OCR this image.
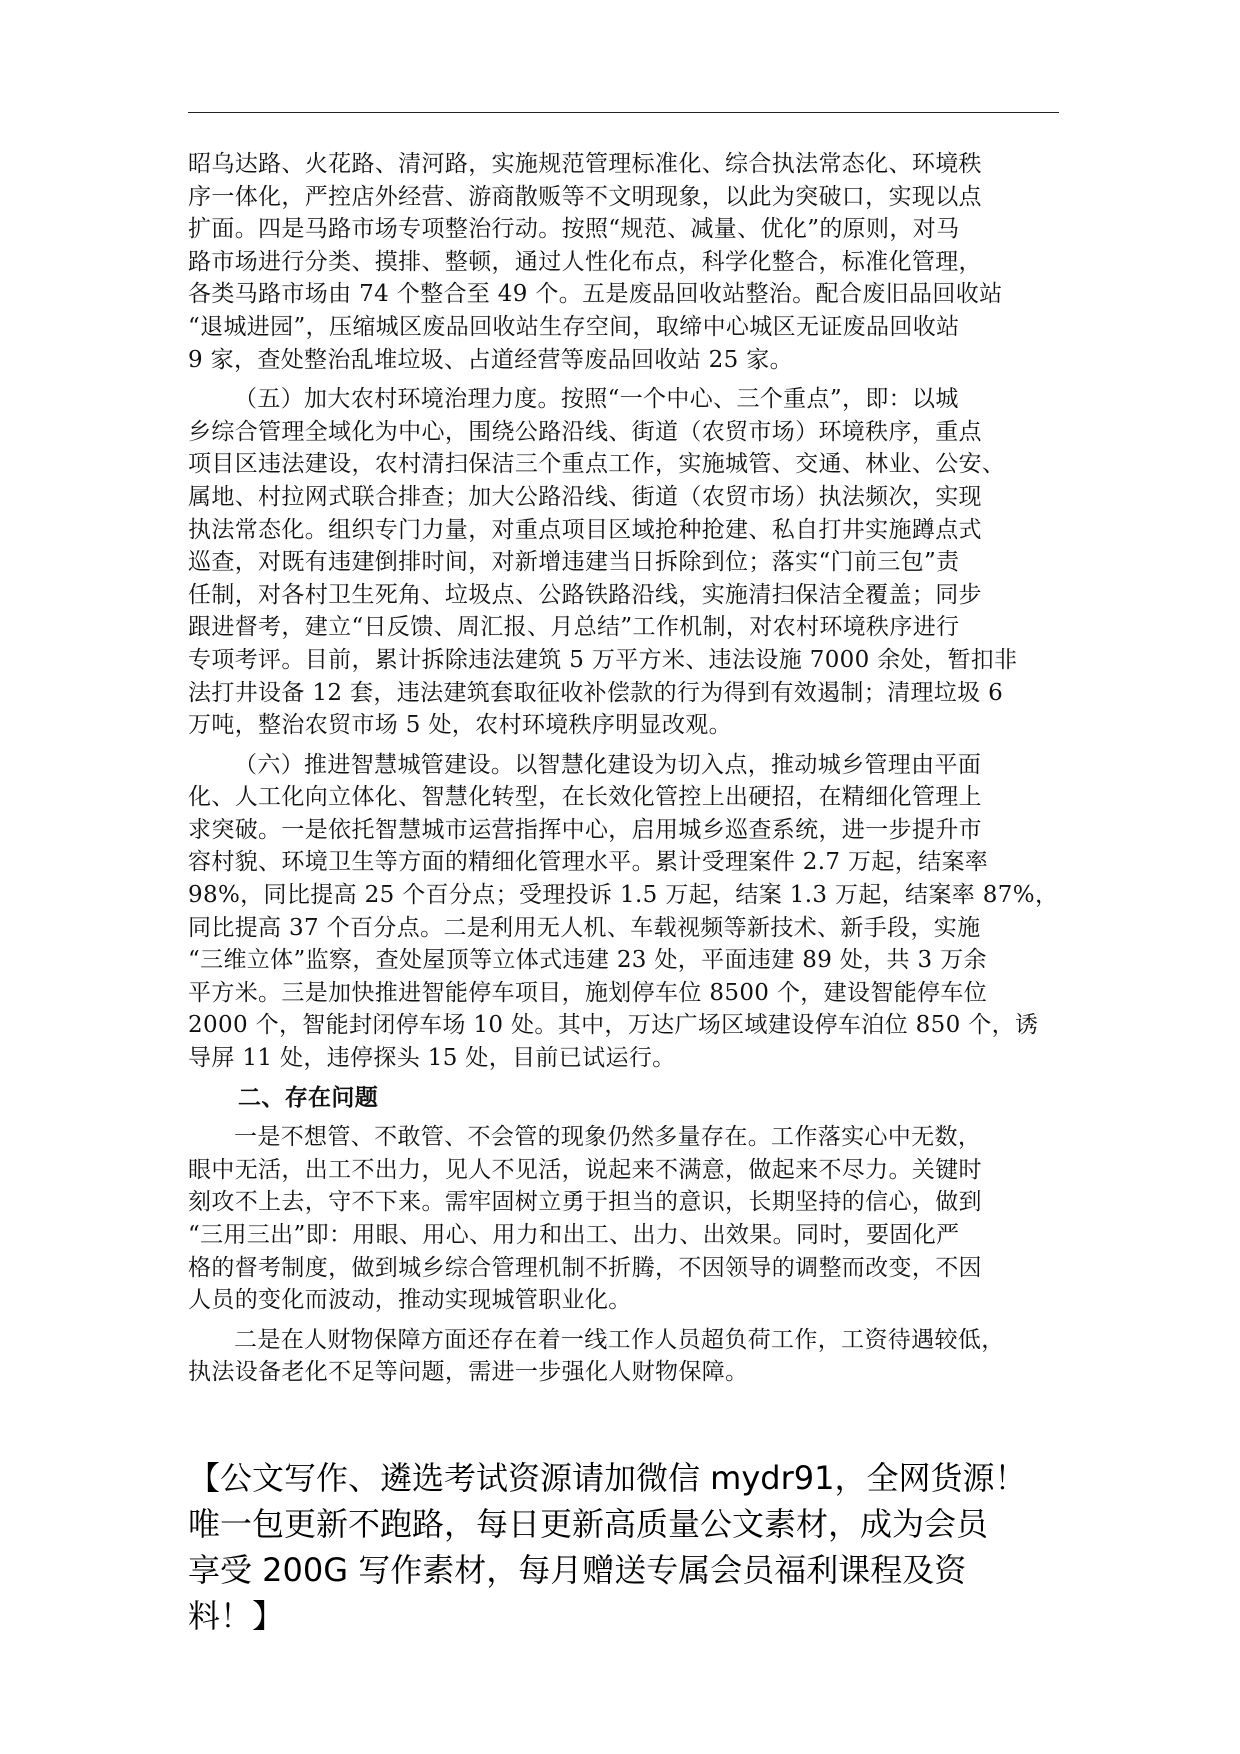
昭乌达路、火花路、清河路，实施规范管理标准化、综合执法常态化、环境秩
序一体化，严控店外经营、游商散贩等不文明现象，以此为突破口，实现以点
扩面。四是马路市场专项整治行动。按照“规范、减量、优化”的原则，对马
路市场进行分类、摸排、整顿，通过人性化布点，科学化整合，标准化管理，
各类马路市场由 74 个整合至 49 个。五是废品回收站整治。配合废旧品回收站
“退城进园”，压缩城区废品回收站生存空间，取缔中心城区无证废品回收站
9 家，查处整治乱堆垃圾、占道经营等废品回收站 25 家。
（五）加大农村环境治理力度。按照“一个中心、三个重点”，即：以城
乡综合管理全域化为中心，围绕公路沿线、街道（农贸市场）环境秩序，重点
项目区违法建设，农村清扫保洁三个重点工作，实施城管、交通、林业、公安、
属地、村拉网式联合排查；加大公路沿线、街道（农贸市场）执法频次，实现
执法常态化。组织专门力量，对重点项目区域抢种抢建、私自打井实施蹲点式
巡查，对既有违建倒排时间，对新增违建当日拆除到位；落实“门前三包”责
任制，对各村卫生死角、垃圾点、公路铁路沿线，实施清扫保洁全覆盖；同步
跟进督考，建立“日反馈、周汇报、月总结”工作机制，对农村环境秩序进行
专项考评。目前，累计拆除违法建筑 5 万平方米、违法设施 7000 余处，暂扣非
法打井设备 12 套，违法建筑套取征收补偿款的行为得到有效遏制；清理垃圾 6
万吨，整治农贸市场 5 处，农村环境秩序明显改观。
（六）推进智慧城管建设。以智慧化建设为切入点，推动城乡管理由平面
化、人工化向立体化、智慧化转型，在长效化管控上出硬招，在精细化管理上
求突破。一是依托智慧城市运营指挥中心，启用城乡巡查系统，进一步提升市
容村貌、环境卫生等方面的精细化管理水平。累计受理案件 2.7 万起，结案率
98%，同比提高 25 个百分点；受理投诉 1.5 万起，结案 1.3 万起，结案率 87%，
同比提高 37 个百分点。二是利用无人机、车载视频等新技术、新手段，实施
“三维立体”监察，查处屋顶等立体式违建 23 处，平面违建 89 处，共 3 万余
平方米。三是加快推进智能停车项目，施划停车位 8500 个，建设智能停车位
2000 个，智能封闭停车场 10 处。其中，万达广场区域建设停车泊位 850 个，诱
导屏 11 处，违停探头 15 处，目前已试运行。
二、存在问题
一是不想管、不敢管、不会管的现象仍然多量存在。工作落实心中无数，
眼中无活，出工不出力，见人不见活，说起来不满意，做起来不尽力。关键时
刻攻不上去，守不下来。需牢固树立勇于担当的意识，长期坚持的信心，做到
“三用三出”即：用眼、用心、用力和出工、出力、出效果。同时，要固化严
格的督考制度，做到城乡综合管理机制不折腾，不因领导的调整而改变，不因
人员的变化而波动，推动实现城管职业化。
二是在人财物保障方面还存在着一线工作人员超负荷工作，工资待遇较低，
执法设备老化不足等问题，需进一步强化人财物保障。
【公文写作、遴选考试资源请加微信 mydr91，全网货源！
唯一包更新不跑路，每日更新高质量公文素材，成为会员
享受 200G 写作素材，每月赠送专属会员福利课程及资
料！】
